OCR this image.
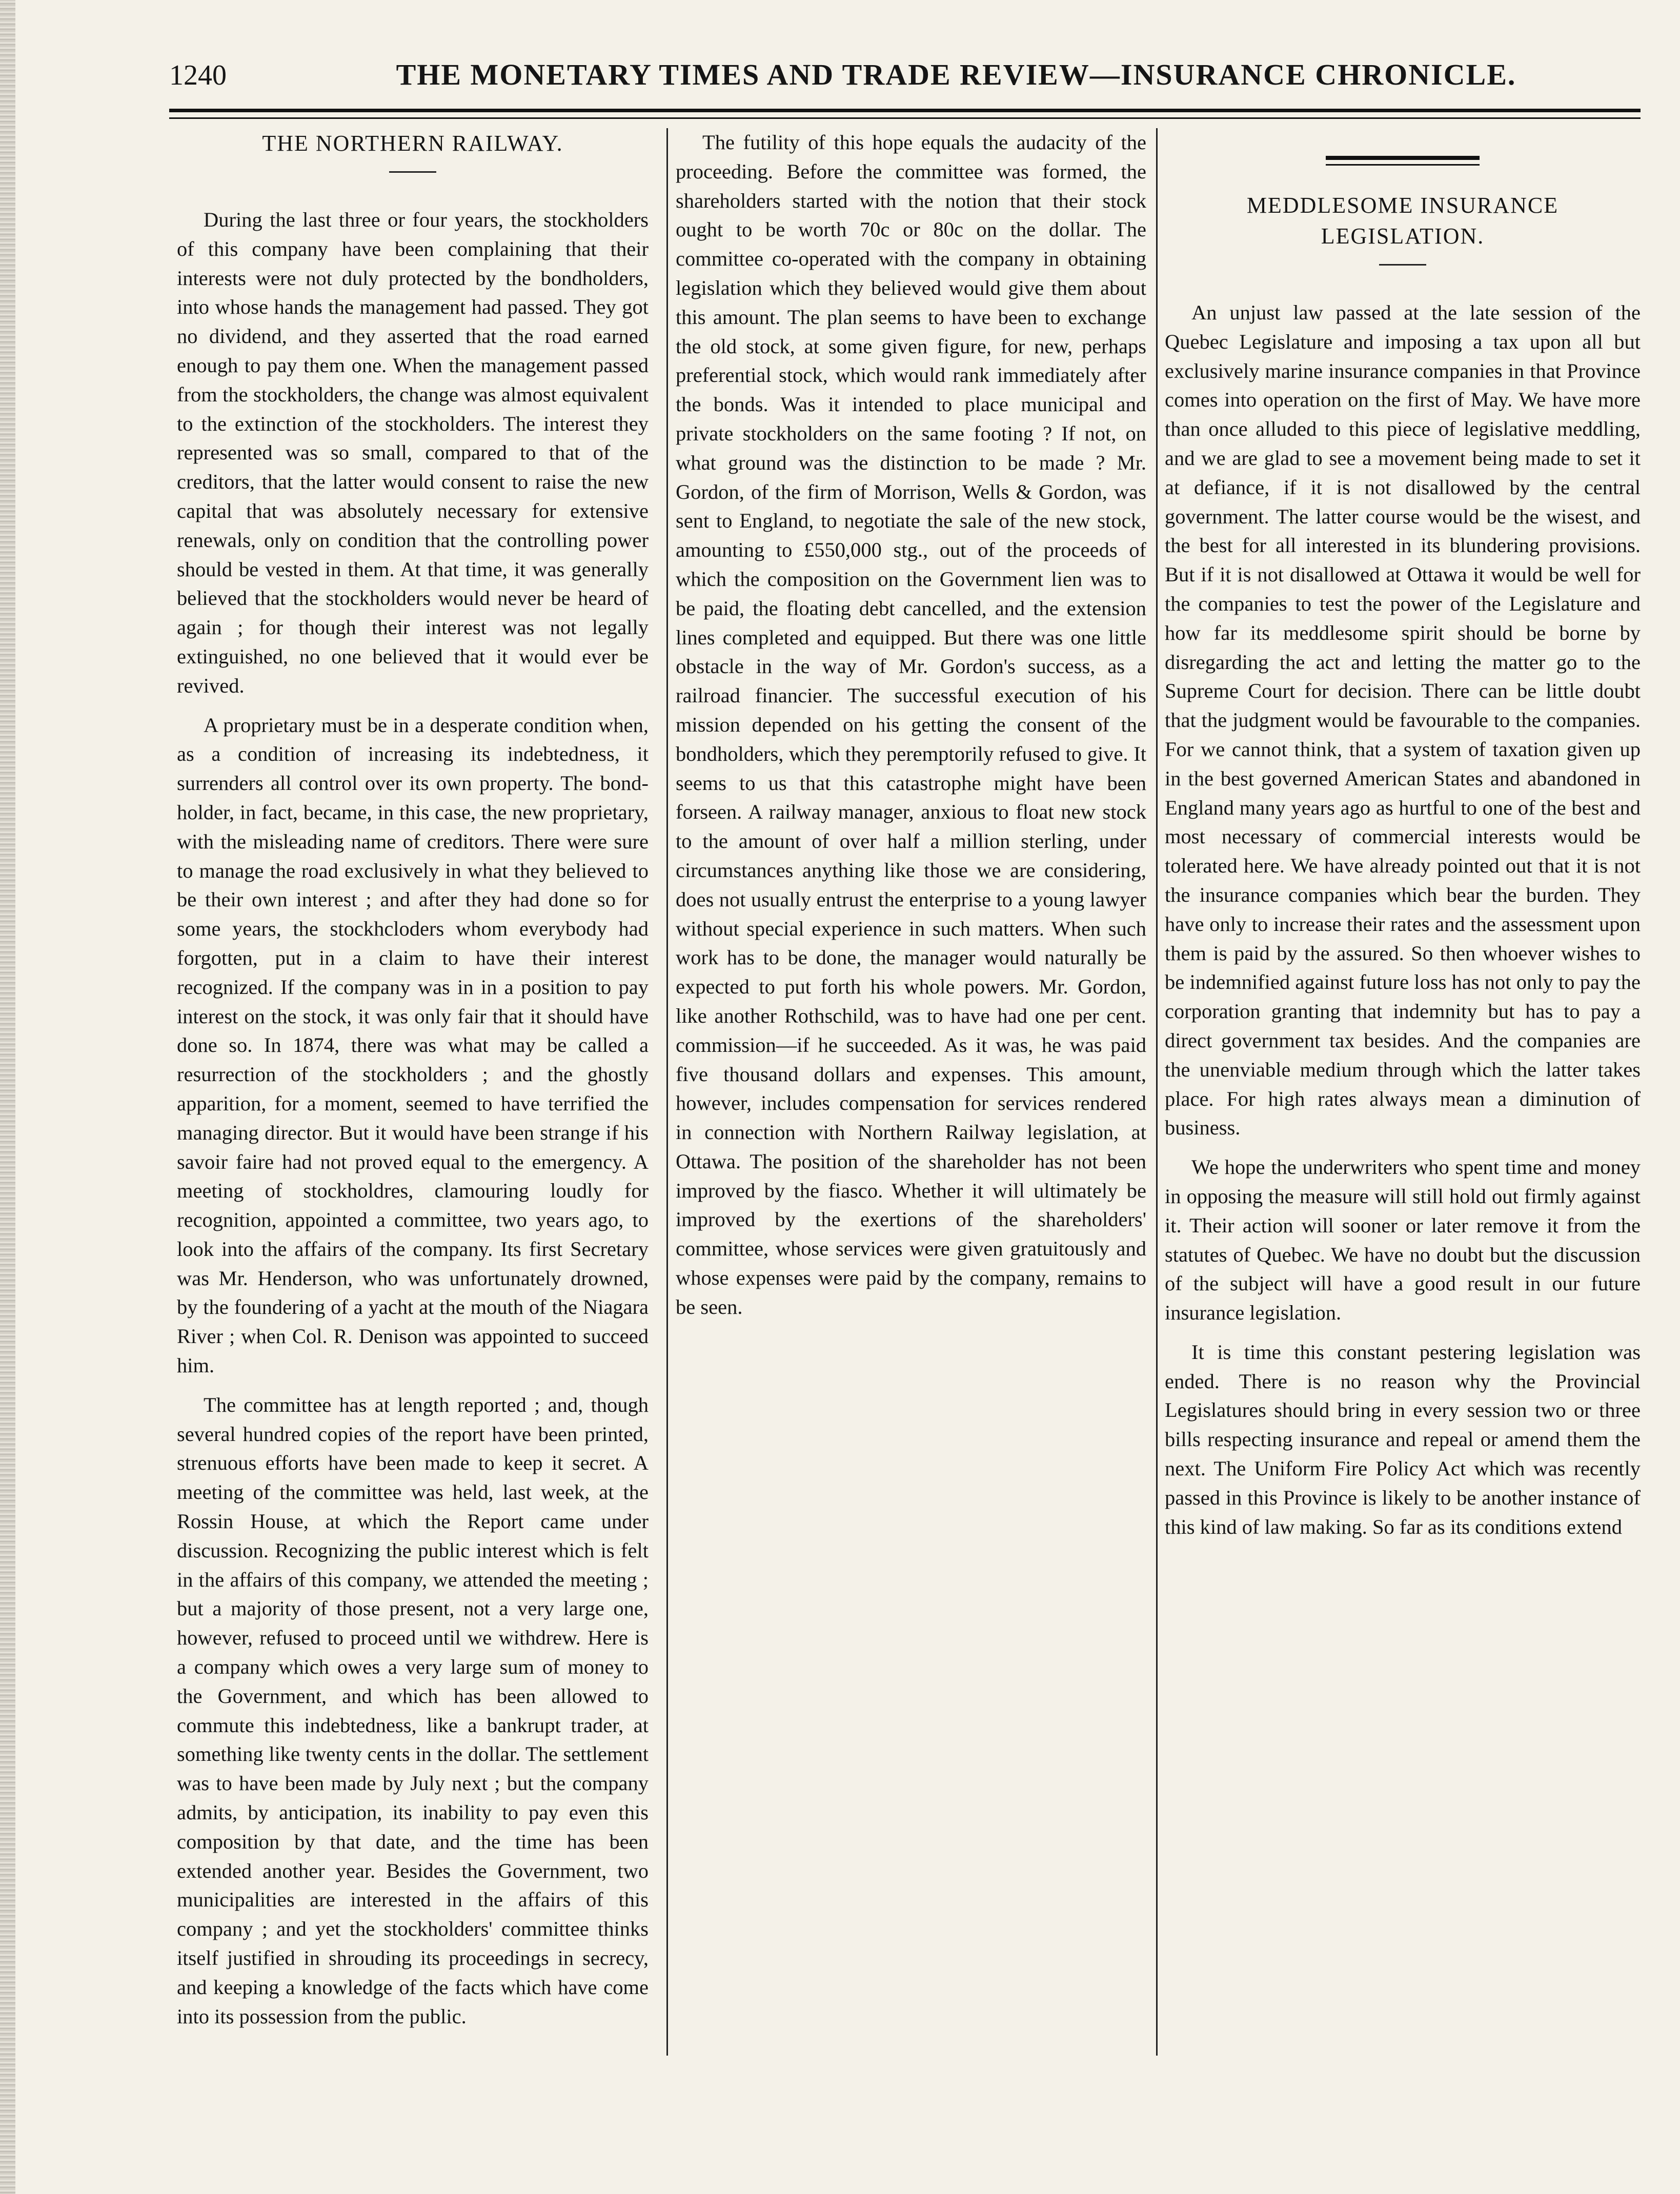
1240	THE MONETARY TIMES AND TRADE REVIEW—INSURANCE CHRONICLE.
THE NORTHERN RAILWAY.

During the last three or four years, the stockholders of this company have been complaining that their interests were not duly protected by the bondholders, into whose hands the management had passed. They got no dividend, and they asserted that the road earned enough to pay them one. When the management passed from the stockholders, the change was almost equivalent to the extinction of the stockholders. The interest they represented was so small, compared to that of the creditors, that the latter would consent to raise the new capital that was absolutely necessary for extensive renewals, only on condition that the controlling power should be vested in them. At that time, it was generally believed that the stockholders would never be heard of again ; for though their interest was not legally extinguished, no one believed that it would ever be revived.

A proprietary must be in a desperate condition when, as a condition of increasing its indebtedness, it surrenders all control over its own property. The bond-holder, in fact, became, in this case, the new proprietary, with the misleading name of creditors. There were sure to manage the road exclusively in what they believed to be their own interest ; and after they had done so for some years, the stockhcloders whom everybody had forgotten, put in a claim to have their interest recognized. If the company was in in a position to pay interest on the stock, it was only fair that it should have done so. In 1874, there was what may be called a resurrection of the stockholders ; and the ghostly apparition, for a moment, seemed to have terrified the managing director. But it would have been strange if his savoir faire had not proved equal to the emergency. A meeting of stockholdres, clamouring loudly for recognition, appointed a committee, two years ago, to look into the affairs of the company. Its first Secretary was Mr. Henderson, who was unfortunately drowned, by the foundering of a yacht at the mouth of the Niagara River ; when Col. R. Denison was appointed to succeed him.

The committee has at length reported ; and, though several hundred copies of the report have been printed, strenuous efforts have been made to keep it secret. A meeting of the committee was held, last week, at the Rossin House, at which the Report came under discussion. Recognizing the public interest which is felt in the affairs of this company, we attended the meeting ; but a majority of those present, not a very large one, however, refused to proceed until we withdrew. Here is a company which owes a very large sum of money to the Government, and which has been allowed to commute this indebtedness, like a bankrupt trader, at something like twenty cents in the dollar. The settlement was to have been made by July next ; but the company admits, by anticipation, its inability to pay even this composition by that date, and the time has been extended another year. Besides the Government, two municipalities are interested in the affairs of this company ; and yet the stockholders' committee thinks itself justified in shrouding its proceedings in secrecy, and keeping a knowledge of the facts which have come into its possession from the public.

The futility of this hope equals the audacity of the proceeding. Before the committee was formed, the shareholders started with the notion that their stock ought to be worth 70c or 80c on the dollar. The committee co-operated with the company in obtaining legislation which they believed would give them about this amount. The plan seems to have been to exchange the old stock, at some given figure, for new, perhaps preferential stock, which would rank immediately after the bonds. Was it intended to place municipal and private stockholders on the same footing ? If not, on what ground was the distinction to be made ? Mr. Gordon, of the firm of Morrison, Wells & Gordon, was sent to England, to negotiate the sale of the new stock, amounting to £550,000 stg., out of the proceeds of which the composition on the Government lien was to be paid, the floating debt cancelled, and the extension lines completed and equipped. But there was one little obstacle in the way of Mr. Gordon's success, as a railroad financier. The successful execution of his mission depended on his getting the consent of the bondholders, which they peremptorily refused to give. It seems to us that this catastrophe might have been forseen. A railway manager, anxious to float new stock to the amount of over half a million sterling, under circumstances anything like those we are considering, does not usually entrust the enterprise to a young lawyer without special experience in such matters. When such work has to be done, the manager would naturally be expected to put forth his whole powers. Mr. Gordon, like another Rothschild, was to have had one per cent. commission—if he succeeded. As it was, he was paid five thousand dollars and expenses. This amount, however, includes compensation for services rendered in connection with Northern Railway legislation, at Ottawa. The position of the shareholder has not been improved by the fiasco. Whether it will ultimately be improved by the exertions of the shareholders' committee, whose services were given gratuitously and whose expenses were paid by the company, remains to be seen.

MEDDLESOME INSURANCE LEGISLATION.

An unjust law passed at the late session of the Quebec Legislature and imposing a tax upon all but exclusively marine insurance companies in that Province comes into operation on the first of May. We have more than once alluded to this piece of legislative meddling, and we are glad to see a movement being made to set it at defiance, if it is not disallowed by the central government. The latter course would be the wisest, and the best for all interested in its blundering provisions. But if it is not disallowed at Ottawa it would be well for the companies to test the power of the Legislature and how far its meddlesome spirit should be borne by disregarding the act and letting the matter go to the Supreme Court for decision. There can be little doubt that the judgment would be favourable to the companies. For we cannot think, that a system of taxation given up in the best governed American States and abandoned in England many years ago as hurtful to one of the best and most necessary of commercial interests would be tolerated here. We have already pointed out that it is not the insurance companies which bear the burden. They have only to increase their rates and the assessment upon them is paid by the assured. So then whoever wishes to be indemnified against future loss has not only to pay the corporation granting that indemnity but has to pay a direct government tax besides. And the companies are the unenviable medium through which the latter takes place. For high rates always mean a diminution of business.

We hope the underwriters who spent time and money in opposing the measure will still hold out firmly against it. Their action will sooner or later remove it from the statutes of Quebec. We have no doubt but the discussion of the subject will have a good result in our future insurance legislation.

It is time this constant pestering legislation was ended. There is no reason why the Provincial Legislatures should bring in every session two or three bills respecting insurance and repeal or amend them the next. The Uniform Fire Policy Act which was recently passed in this Province is likely to be another instance of this kind of law making. So far as its conditions extend
